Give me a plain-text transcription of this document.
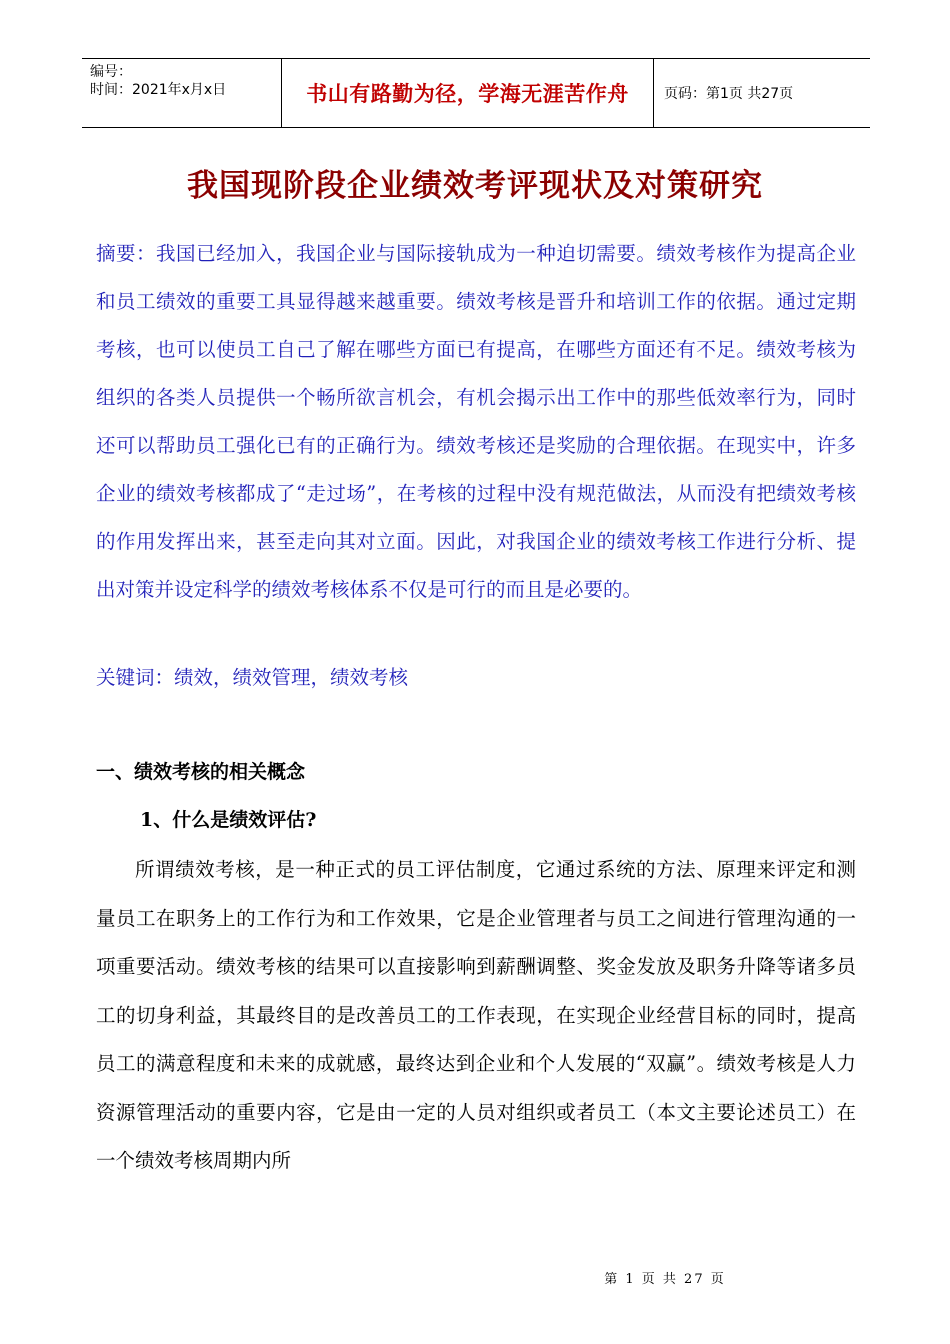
编号：
时间：2021年x月x日	书山有路勤为径，学海无涯苦作舟	页码：第1页 共27页
我国现阶段企业绩效考评现状及对策研究

摘要：我国已经加入，我国企业与国际接轨成为一种迫切需要。绩效考核作为提高企业和员工绩效的重要工具显得越来越重要。绩效考核是晋升和培训工作的依据。通过定期考核，也可以使员工自己了解在哪些方面已有提高，在哪些方面还有不足。绩效考核为组织的各类人员提供一个畅所欲言机会，有机会揭示出工作中的那些低效率行为，同时还可以帮助员工强化已有的正确行为。绩效考核还是奖励的合理依据。在现实中，许多企业的绩效考核都成了“走过场”，在考核的过程中没有规范做法，从而没有把绩效考核的作用发挥出来，甚至走向其对立面。因此，对我国企业的绩效考核工作进行分析、提出对策并设定科学的绩效考核体系不仅是可行的而且是必要的。

关键词：绩效，绩效管理，绩效考核

一、绩效考核的相关概念
1、什么是绩效评估?

所谓绩效考核，是一种正式的员工评估制度，它通过系统的方法、原理来评定和测量员工在职务上的工作行为和工作效果，它是企业管理者与员工之间进行管理沟通的一项重要活动。绩效考核的结果可以直接影响到薪酬调整、奖金发放及职务升降等诸多员工的切身利益，其最终目的是改善员工的工作表现，在实现企业经营目标的同时，提高员工的满意程度和未来的成就感，最终达到企业和个人发展的“双赢”。绩效考核是人力资源管理活动的重要内容，它是由一定的人员对组织或者员工（本文主要论述员工）在一个绩效考核周期内所

第 1 页 共 27 页
